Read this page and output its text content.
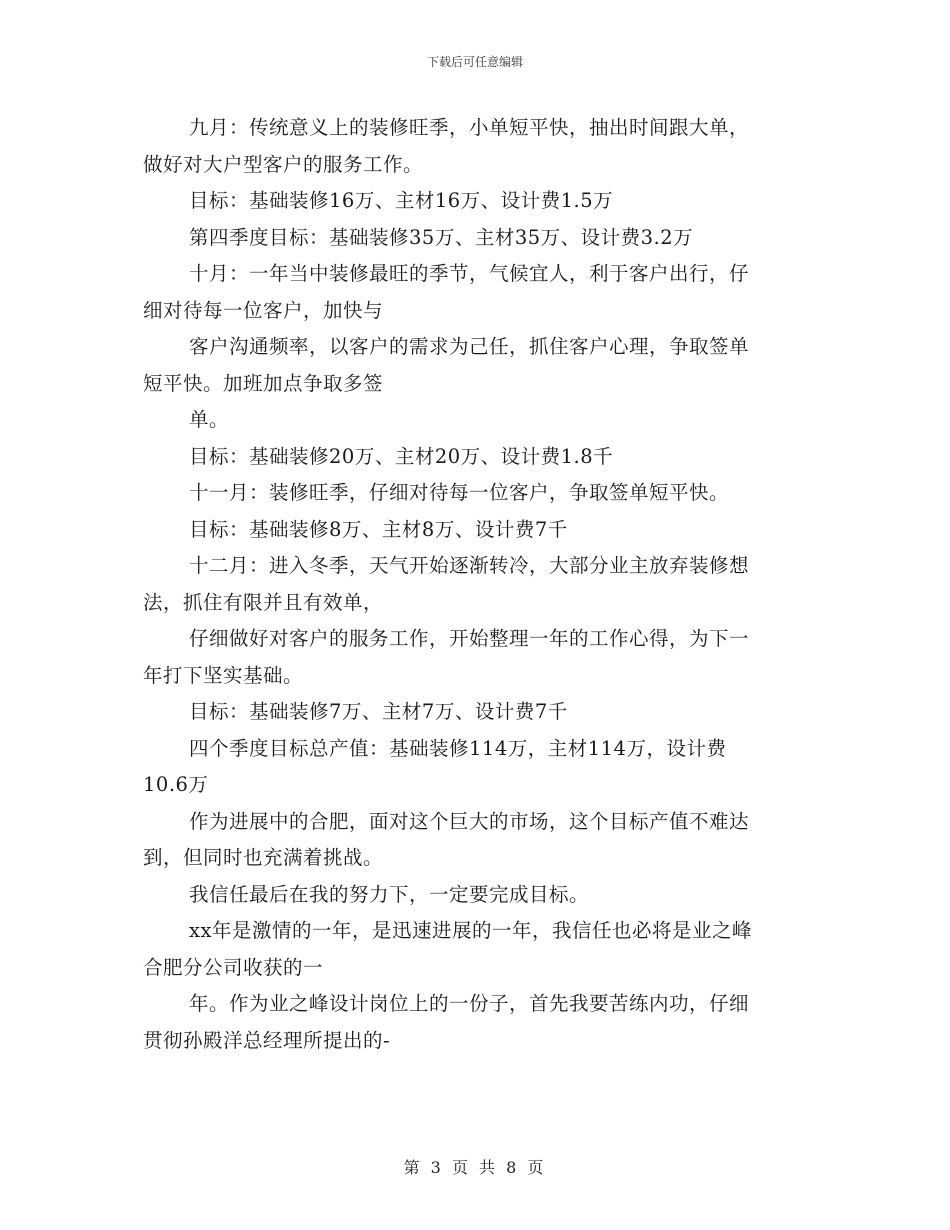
下载后可任意编辑
九月：传统意义上的装修旺季，小单短平快，抽出时间跟大单，
做好对大户型客户的服务工作。
目标：基础装修16万、主材16万、设计费1.5万
第四季度目标：基础装修35万、主材35万、设计费3.2万
十月：一年当中装修最旺的季节，气候宜人，利于客户出行，仔
细对待每一位客户，加快与
客户沟通频率，以客户的需求为己任，抓住客户心理，争取签单
短平快。加班加点争取多签
单。
目标：基础装修20万、主材20万、设计费1.8千
十一月：装修旺季，仔细对待每一位客户，争取签单短平快。
目标：基础装修8万、主材8万、设计费7千
十二月：进入冬季，天气开始逐渐转冷，大部分业主放弃装修想
法，抓住有限并且有效单，
仔细做好对客户的服务工作，开始整理一年的工作心得，为下一
年打下坚实基础。
目标：基础装修7万、主材7万、设计费7千
四个季度目标总产值：基础装修114万，主材114万，设计费
10.6万
作为进展中的合肥，面对这个巨大的市场，这个目标产值不难达
到，但同时也充满着挑战。
我信任最后在我的努力下，一定要完成目标。
xx年是激情的一年，是迅速进展的一年，我信任也必将是业之峰
合肥分公司收获的一
年。作为业之峰设计岗位上的一份子，首先我要苦练内功，仔细
贯彻孙殿洋总经理所提出的-
第 3 页 共 8 页
